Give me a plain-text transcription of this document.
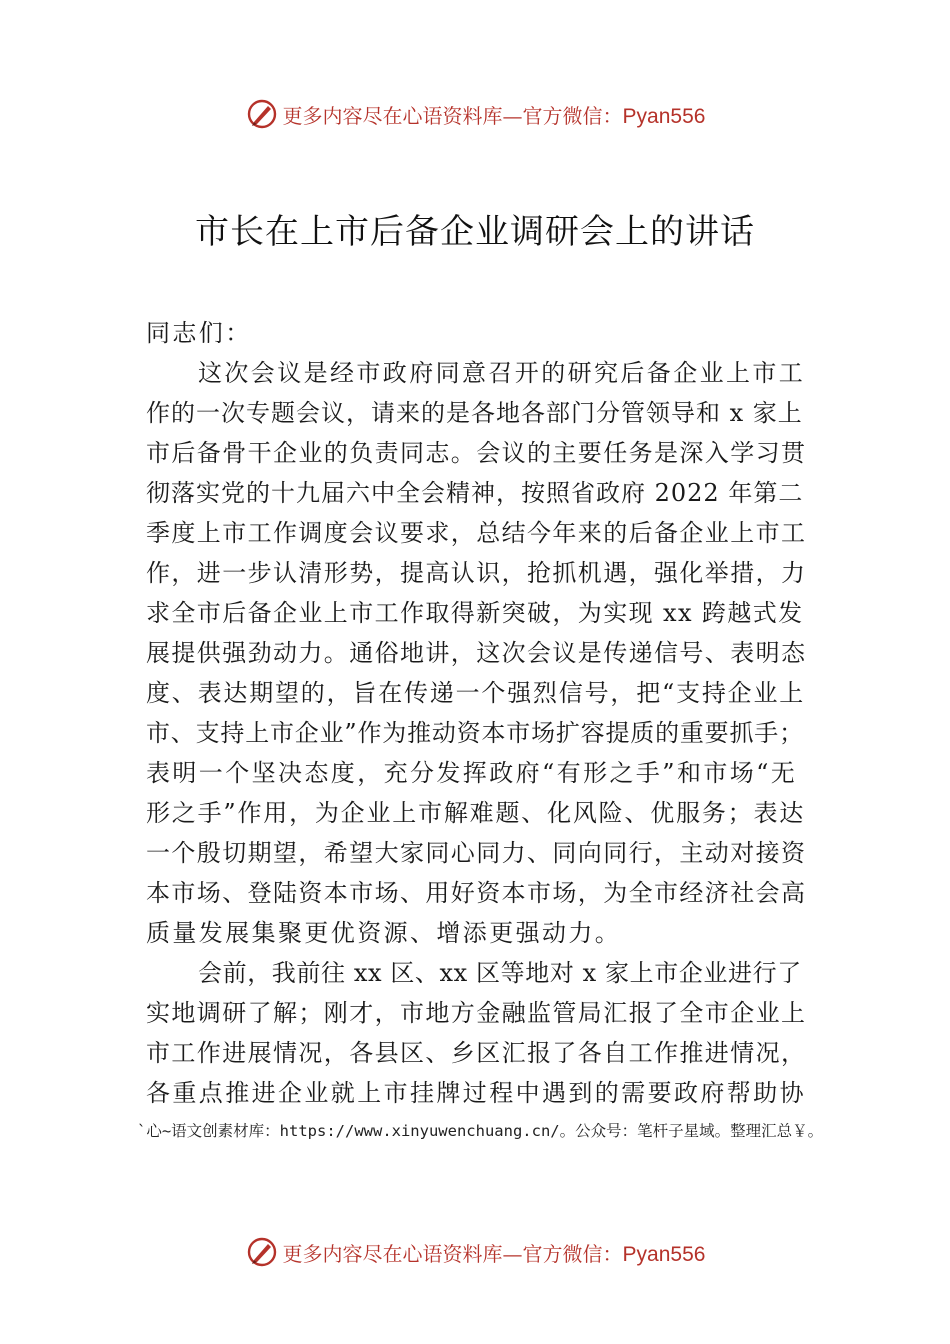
更多内容尽在心语资料库—官方微信：Pyan556
市长在上市后备企业调研会上的讲话
同志们：
这次会议是经市政府同意召开的研究后备企业上市工
作的一次专题会议，请来的是各地各部门分管领导和 x 家上
市后备骨干企业的负责同志。会议的主要任务是深入学习贯
彻落实党的十九届六中全会精神，按照省政府 2022 年第二
季度上市工作调度会议要求，总结今年来的后备企业上市工
作，进一步认清形势，提高认识，抢抓机遇，强化举措，力
求全市后备企业上市工作取得新突破，为实现 xx 跨越式发
展提供强劲动力。通俗地讲，这次会议是传递信号、表明态
度、表达期望的，旨在传递一个强烈信号，把“支持企业上
市、支持上市企业”作为推动资本市场扩容提质的重要抓手；
表明一个坚决态度，充分发挥政府“有形之手”和市场“无
形之手”作用，为企业上市解难题、化风险、优服务；表达
一个殷切期望，希望大家同心同力、同向同行，主动对接资
本市场、登陆资本市场、用好资本市场，为全市经济社会高
质量发展集聚更优资源、增添更强动力。
会前，我前往 xx 区、xx 区等地对 x 家上市企业进行了
实地调研了解；刚才，市地方金融监管局汇报了全市企业上
市工作进展情况，各县区、乡区汇报了各自工作推进情况，
各重点推进企业就上市挂牌过程中遇到的需要政府帮助协
`心~语文创素材库：https://www.xinyuwenchuang.cn/。公众号：笔杆子星域。整理汇总￥。
更多内容尽在心语资料库—官方微信：Pyan556
